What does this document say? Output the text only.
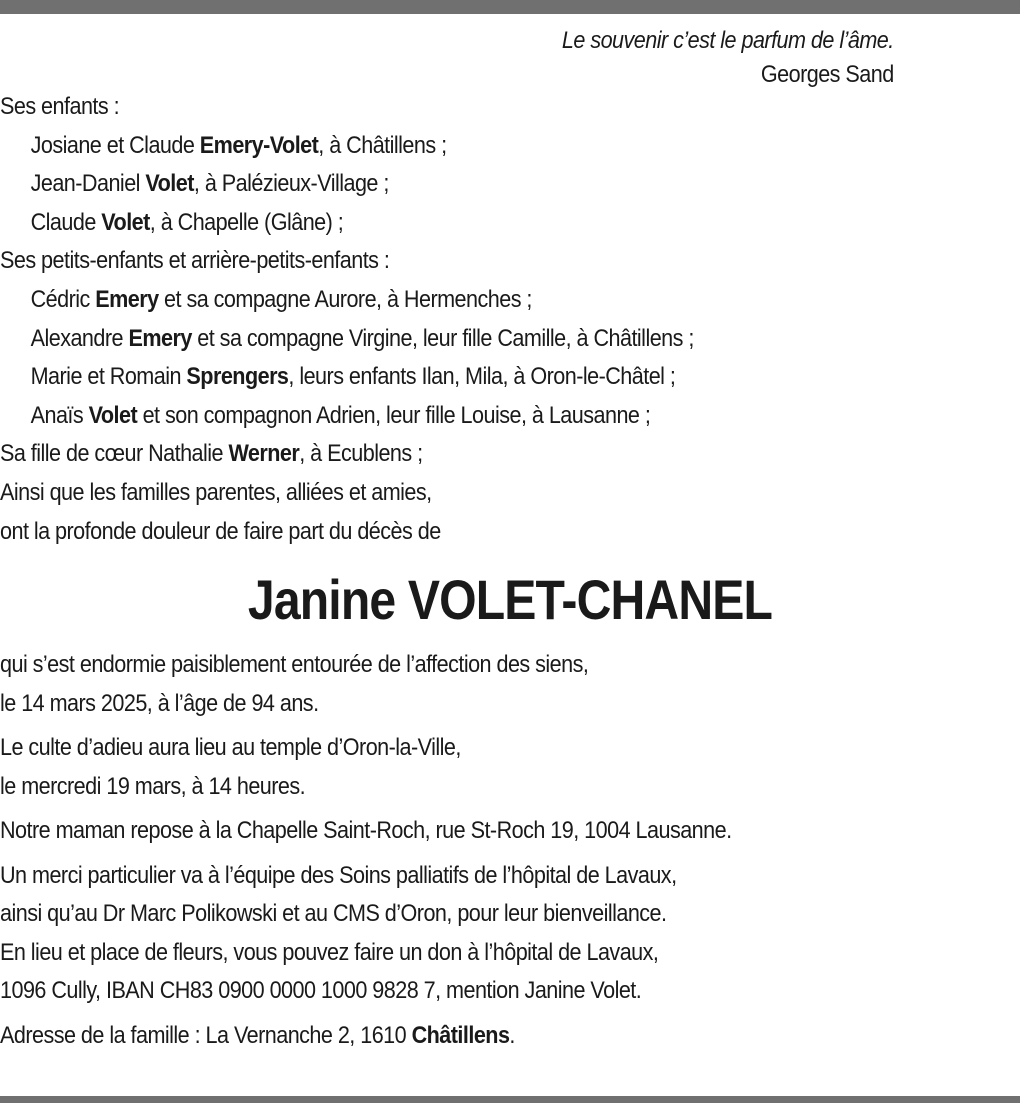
Le souvenir c’est le parfum de l’âme.
Georges Sand
Ses enfants :
Josiane et Claude Emery-Volet, à Châtillens ;
Jean-Daniel Volet, à Palézieux-Village ;
Claude Volet, à Chapelle (Glâne) ;
Ses petits-enfants et arrière-petits-enfants :
Cédric Emery et sa compagne Aurore, à Hermenches ;
Alexandre Emery et sa compagne Virgine, leur fille Camille, à Châtillens ;
Marie et Romain Sprengers, leurs enfants Ilan, Mila, à Oron-le-Châtel ;
Anaïs Volet et son compagnon Adrien, leur fille Louise, à Lausanne ;
Sa fille de cœur Nathalie Werner, à Ecublens ;
Ainsi que les familles parentes, alliées et amies,
ont la profonde douleur de faire part du décès de
Janine VOLET-CHANEL
qui s’est endormie paisiblement entourée de l’affection des siens,
le 14 mars 2025, à l’âge de 94 ans.
Le culte d’adieu aura lieu au temple d’Oron-la-Ville,
le mercredi 19 mars, à 14 heures.
Notre maman repose à la Chapelle Saint-Roch, rue St-Roch 19, 1004 Lausanne.
Un merci particulier va à l’équipe des Soins palliatifs de l’hôpital de Lavaux,
ainsi qu’au Dr Marc Polikowski et au CMS d’Oron, pour leur bienveillance.
En lieu et place de fleurs, vous pouvez faire un don à l’hôpital de Lavaux,
1096 Cully, IBAN CH83 0900 0000 1000 9828 7, mention Janine Volet.
Adresse de la famille : La Vernanche 2, 1610 Châtillens.
